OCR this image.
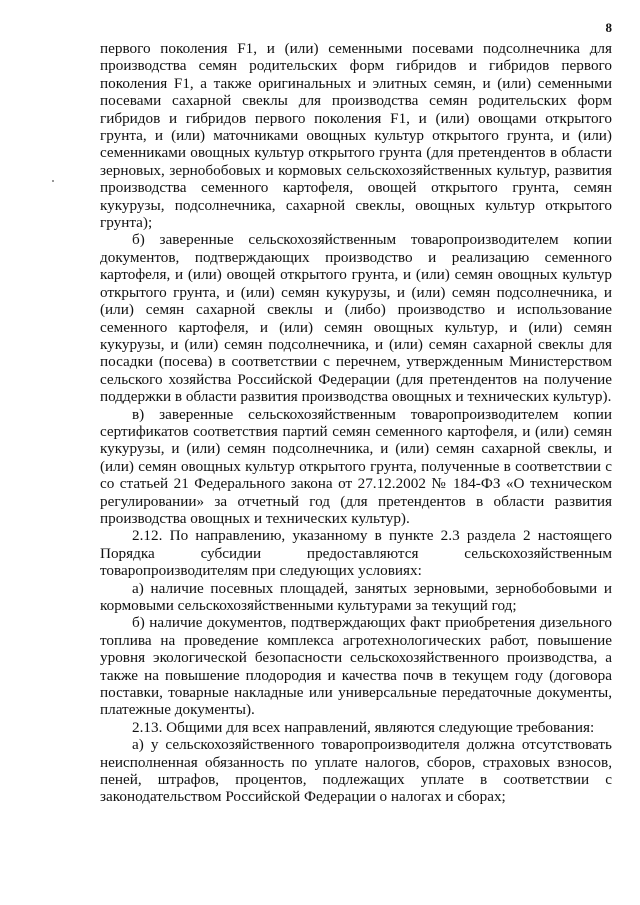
8

первого поколения F1, и (или) семенными посевами подсолнечника для производства семян родительских форм гибридов и гибридов первого поколения F1, а также оригинальных и элитных семян, и (или) семенными посевами сахарной свеклы для производства семян родительских форм гибридов и гибридов первого поколения F1, и (или) овощами открытого грунта, и (или) маточниками овощных культур открытого грунта, и (или) семенниками овощных культур открытого грунта (для претендентов в области зерновых, зернобобовых и кормовых сельскохозяйственных культур, развития производства семенного картофеля, овощей открытого грунта, семян кукурузы, подсолнечника, сахарной свеклы, овощных культур открытого грунта);

б) заверенные сельскохозяйственным товаропроизводителем копии документов, подтверждающих производство и реализацию семенного картофеля, и (или) овощей открытого грунта, и (или) семян овощных культур открытого грунта, и (или) семян кукурузы, и (или) семян подсолнечника, и (или) семян сахарной свеклы и (либо) производство и использование семенного картофеля, и (или) семян овощных культур, и (или) семян кукурузы, и (или) семян подсолнечника, и (или) семян сахарной свеклы для посадки (посева) в соответствии с перечнем, утвержденным Министерством сельского хозяйства Российской Федерации (для претендентов на получение поддержки в области развития производства овощных и технических культур).

в) заверенные сельскохозяйственным товаропроизводителем копии сертификатов соответствия партий семян семенного картофеля, и (или) семян кукурузы, и (или) семян подсолнечника, и (или) семян сахарной свеклы, и (или) семян овощных культур открытого грунта, полученные в соответствии с со статьей 21 Федерального закона от 27.12.2002 № 184-ФЗ «О техническом регулировании» за отчетный год (для претендентов в области развития производства овощных и технических культур).

2.12. По направлению, указанному в пункте 2.3 раздела 2 настоящего Порядка субсидии предоставляются сельскохозяйственным товаропроизводителям при следующих условиях:

а) наличие посевных площадей, занятых зерновыми, зернобобовыми и кормовыми сельскохозяйственными культурами за текущий год;

б) наличие документов, подтверждающих факт приобретения дизельного топлива на проведение комплекса агротехнологических работ, повышение уровня экологической безопасности сельскохозяйственного производства, а также на повышение плодородия и качества почв в текущем году (договора поставки, товарные накладные или универсальные передаточные документы, платежные документы).

2.13. Общими для всех направлений, являются следующие требования:

а) у сельскохозяйственного товаропроизводителя должна отсутствовать неисполненная обязанность по уплате налогов, сборов, страховых взносов, пеней, штрафов, процентов, подлежащих уплате в соответствии с законодательством Российской Федерации о налогах и сборах;
